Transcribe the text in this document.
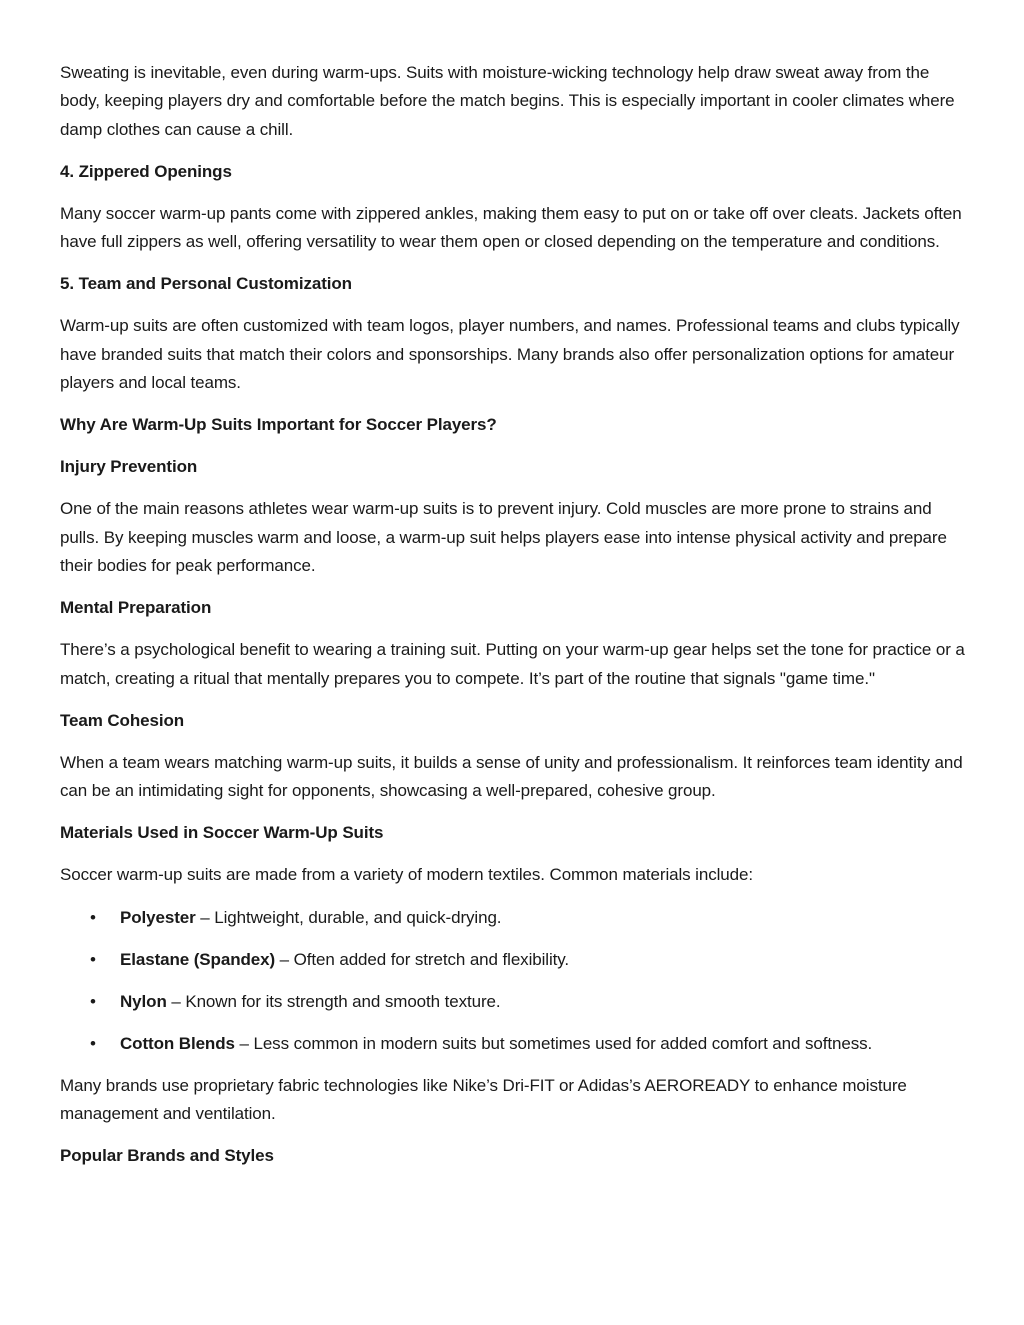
Sweating is inevitable, even during warm-ups. Suits with moisture-wicking technology help draw sweat away from the body, keeping players dry and comfortable before the match begins. This is especially important in cooler climates where damp clothes can cause a chill.

4. Zippered Openings

Many soccer warm-up pants come with zippered ankles, making them easy to put on or take off over cleats. Jackets often have full zippers as well, offering versatility to wear them open or closed depending on the temperature and conditions.

5. Team and Personal Customization

Warm-up suits are often customized with team logos, player numbers, and names. Professional teams and clubs typically have branded suits that match their colors and sponsorships. Many brands also offer personalization options for amateur players and local teams.

Why Are Warm-Up Suits Important for Soccer Players?
Injury Prevention

One of the main reasons athletes wear warm-up suits is to prevent injury. Cold muscles are more prone to strains and pulls. By keeping muscles warm and loose, a warm-up suit helps players ease into intense physical activity and prepare their bodies for peak performance.

Mental Preparation

There’s a psychological benefit to wearing a training suit. Putting on your warm-up gear helps set the tone for practice or a match, creating a ritual that mentally prepares you to compete. It’s part of the routine that signals "game time."

Team Cohesion

When a team wears matching warm-up suits, it builds a sense of unity and professionalism. It reinforces team identity and can be an intimidating sight for opponents, showcasing a well-prepared, cohesive group.

Materials Used in Soccer Warm-Up Suits

Soccer warm-up suits are made from a variety of modern textiles. Common materials include:

• Polyester – Lightweight, durable, and quick-drying.
• Elastane (Spandex) – Often added for stretch and flexibility.
• Nylon – Known for its strength and smooth texture.
• Cotton Blends – Less common in modern suits but sometimes used for added comfort and softness.

Many brands use proprietary fabric technologies like Nike’s Dri-FIT or Adidas’s AEROREADY to enhance moisture management and ventilation.

Popular Brands and Styles
